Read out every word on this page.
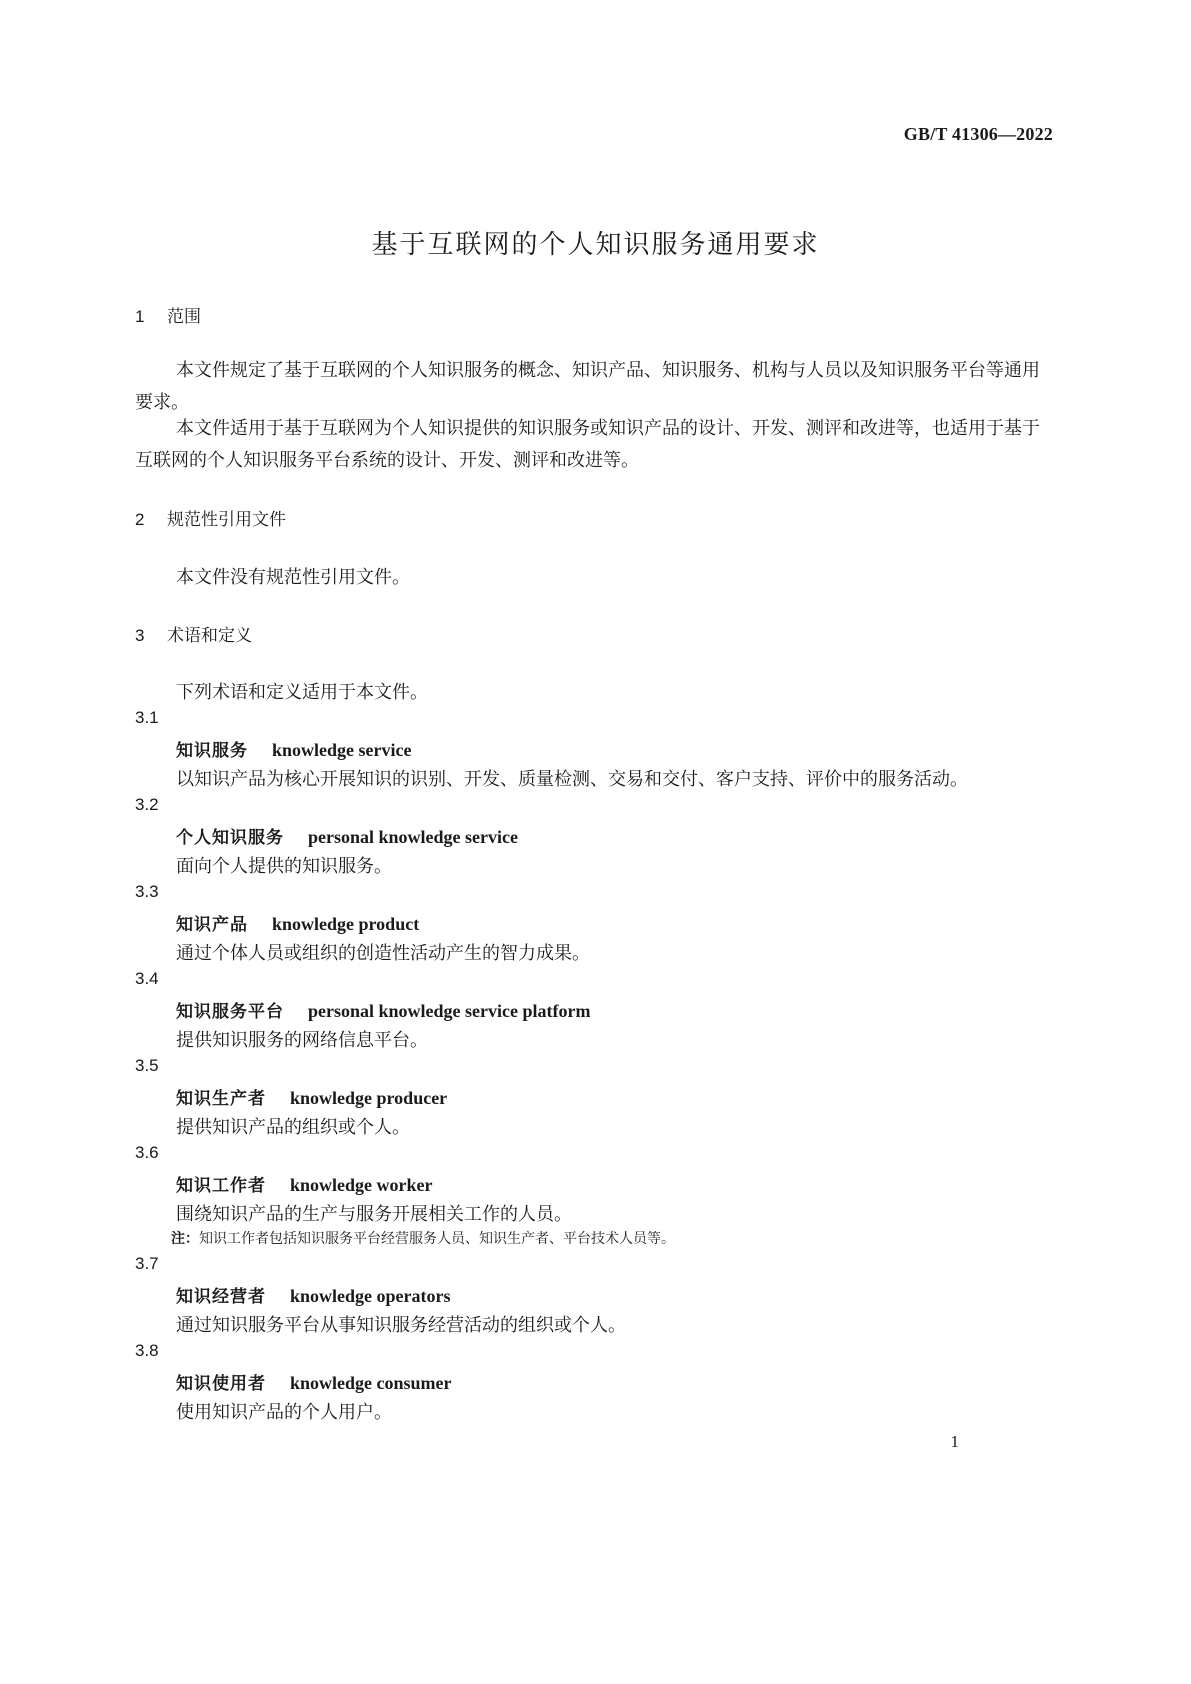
GB/T 41306—2022
基于互联网的个人知识服务通用要求
1 范围

本文件规定了基于互联网的个人知识服务的概念、知识产品、知识服务、机构与人员以及知识服务平台等通用要求。

本文件适用于基于互联网为个人知识提供的知识服务或知识产品的设计、开发、测评和改进等，也适用于基于互联网的个人知识服务平台系统的设计、开发、测评和改进等。

2 规范性引用文件
本文件没有规范性引用文件。
3 术语和定义
下列术语和定义适用于本文件。
3.1
知识服务 knowledge service
以知识产品为核心开展知识的识别、开发、质量检测、交易和交付、客户支持、评价中的服务活动。
3.2
个人知识服务 personal knowledge service
面向个人提供的知识服务。
3.3
知识产品 knowledge product
通过个体人员或组织的创造性活动产生的智力成果。
3.4
知识服务平台 personal knowledge service platform
提供知识服务的网络信息平台。
3.5
知识生产者 knowledge producer
提供知识产品的组织或个人。
3.6
知识工作者 knowledge worker
围绕知识产品的生产与服务开展相关工作的人员。
注：知识工作者包括知识服务平台经营服务人员、知识生产者、平台技术人员等。
3.7
知识经营者 knowledge operators
通过知识服务平台从事知识服务经营活动的组织或个人。
3.8
知识使用者 knowledge consumer
使用知识产品的个人用户。
1
